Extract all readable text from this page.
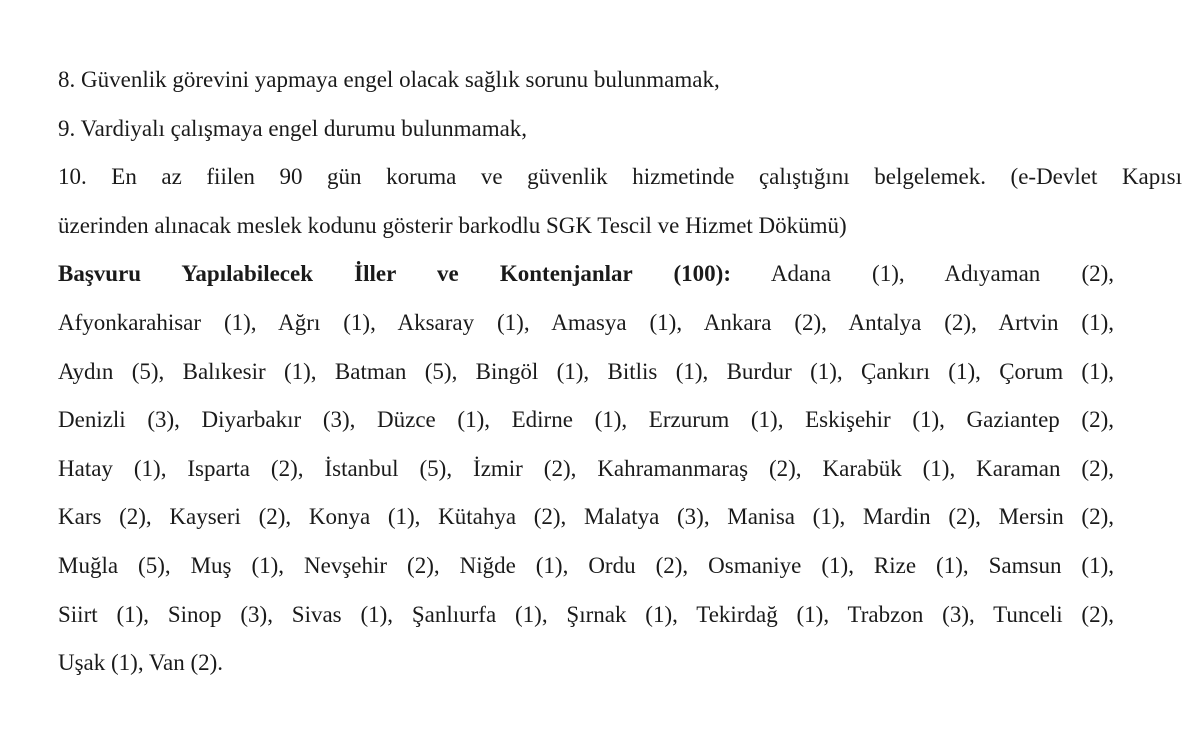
8. Güvenlik görevini yapmaya engel olacak sağlık sorunu bulunmamak,
9. Vardiyalı çalışmaya engel durumu bulunmamak,
10. En az fiilen 90 gün koruma ve güvenlik hizmetinde çalıştığını belgelemek. (e-Devlet Kapısı
üzerinden alınacak meslek kodunu gösterir barkodlu SGK Tescil ve Hizmet Dökümü)
Başvuru Yapılabilecek İller ve Kontenjanlar (100): Adana (1), Adıyaman (2),
Afyonkarahisar (1), Ağrı (1), Aksaray (1), Amasya (1), Ankara (2), Antalya (2), Artvin (1),
Aydın (5), Balıkesir (1), Batman (5), Bingöl (1), Bitlis (1), Burdur (1), Çankırı (1), Çorum (1),
Denizli (3), Diyarbakır (3), Düzce (1), Edirne (1), Erzurum (1), Eskişehir (1), Gaziantep (2),
Hatay (1), Isparta (2), İstanbul (5), İzmir (2), Kahramanmaraş (2), Karabük (1), Karaman (2),
Kars (2), Kayseri (2), Konya (1), Kütahya (2), Malatya (3), Manisa (1), Mardin (2), Mersin (2),
Muğla (5), Muş (1), Nevşehir (2), Niğde (1), Ordu (2), Osmaniye (1), Rize (1), Samsun (1),
Siirt (1), Sinop (3), Sivas (1), Şanlıurfa (1), Şırnak (1), Tekirdağ (1), Trabzon (3), Tunceli (2),
Uşak (1), Van (2).
